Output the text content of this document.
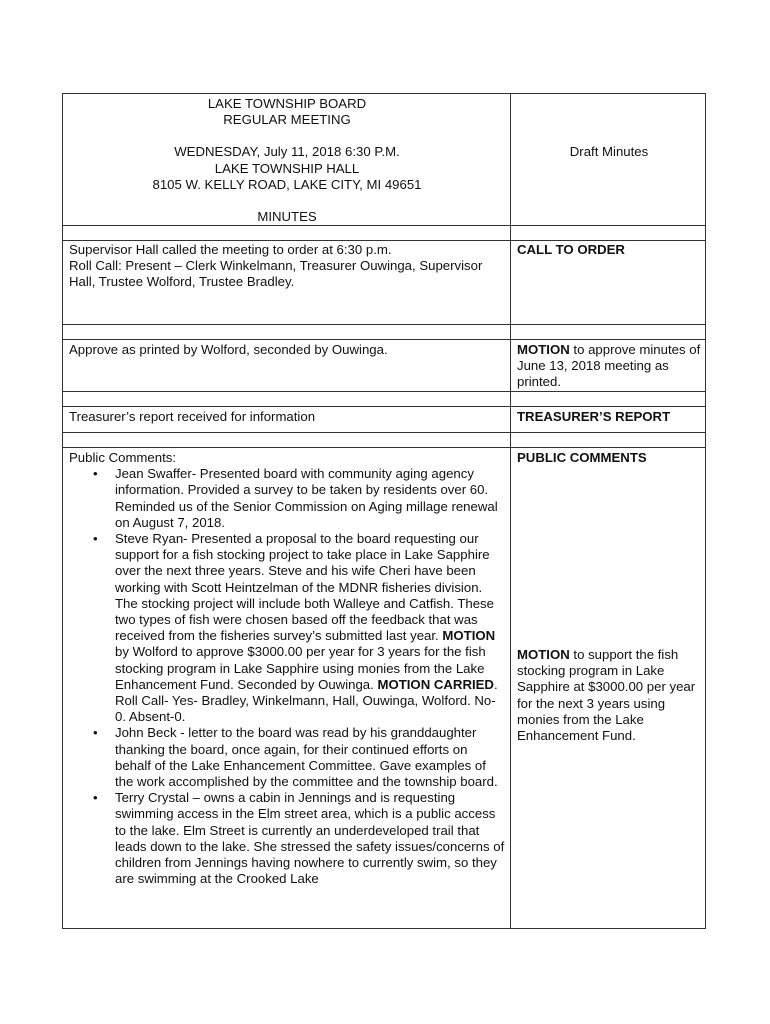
LAKE TOWNSHIP BOARD

REGULAR MEETING

WEDNESDAY, July 11, 2018 6:30 P.M.

LAKE TOWNSHIP HALL

8105 W. KELLY ROAD, LAKE CITY, MI 49651

MINUTES

Draft Minutes

Supervisor Hall called the meeting to order at 6:30 p.m.

Roll Call: Present – Clerk Winkelmann, Treasurer Ouwinga, Supervisor Hall, Trustee Wolford, Trustee Bradley.

CALL TO ORDER
Approve as printed by Wolford, seconded by Ouwinga.	MOTION to approve minutes of June 13, 2018 meeting as printed.
Treasurer’s report received for information	TREASURER’S REPORT

Public Comments:

• Jean Swaffer- Presented board with community aging agency information. Provided a survey to be taken by residents over 60. Reminded us of the Senior Commission on Aging millage renewal on August 7, 2018.
• Steve Ryan- Presented a proposal to the board requesting our support for a fish stocking project to take place in Lake Sapphire over the next three years. Steve and his wife Cheri have been working with Scott Heintzelman of the MDNR fisheries division. The stocking project will include both Walleye and Catfish. These two types of fish were chosen based off the feedback that was received from the fisheries survey’s submitted last year. MOTION by Wolford to approve $3000.00 per year for 3 years for the fish stocking program in Lake Sapphire using monies from the Lake Enhancement Fund. Seconded by Ouwinga. MOTION CARRIED. Roll Call- Yes- Bradley, Winkelmann, Hall, Ouwinga, Wolford. No-0. Absent-0.
• John Beck - letter to the board was read by his granddaughter thanking the board, once again, for their continued efforts on behalf of the Lake Enhancement Committee. Gave examples of the work accomplished by the committee and the township board.
• Terry Crystal – owns a cabin in Jennings and is requesting swimming access in the Elm street area, which is a public access to the lake. Elm Street is currently an underdeveloped trail that leads down to the lake. She stressed the safety issues/concerns of children from Jennings having nowhere to currently swim, so they are swimming at the Crooked Lake
PUBLIC COMMENTS
MOTION to support the fish stocking program in Lake Sapphire at $3000.00 per year for the next 3 years using monies from the Lake Enhancement Fund.
